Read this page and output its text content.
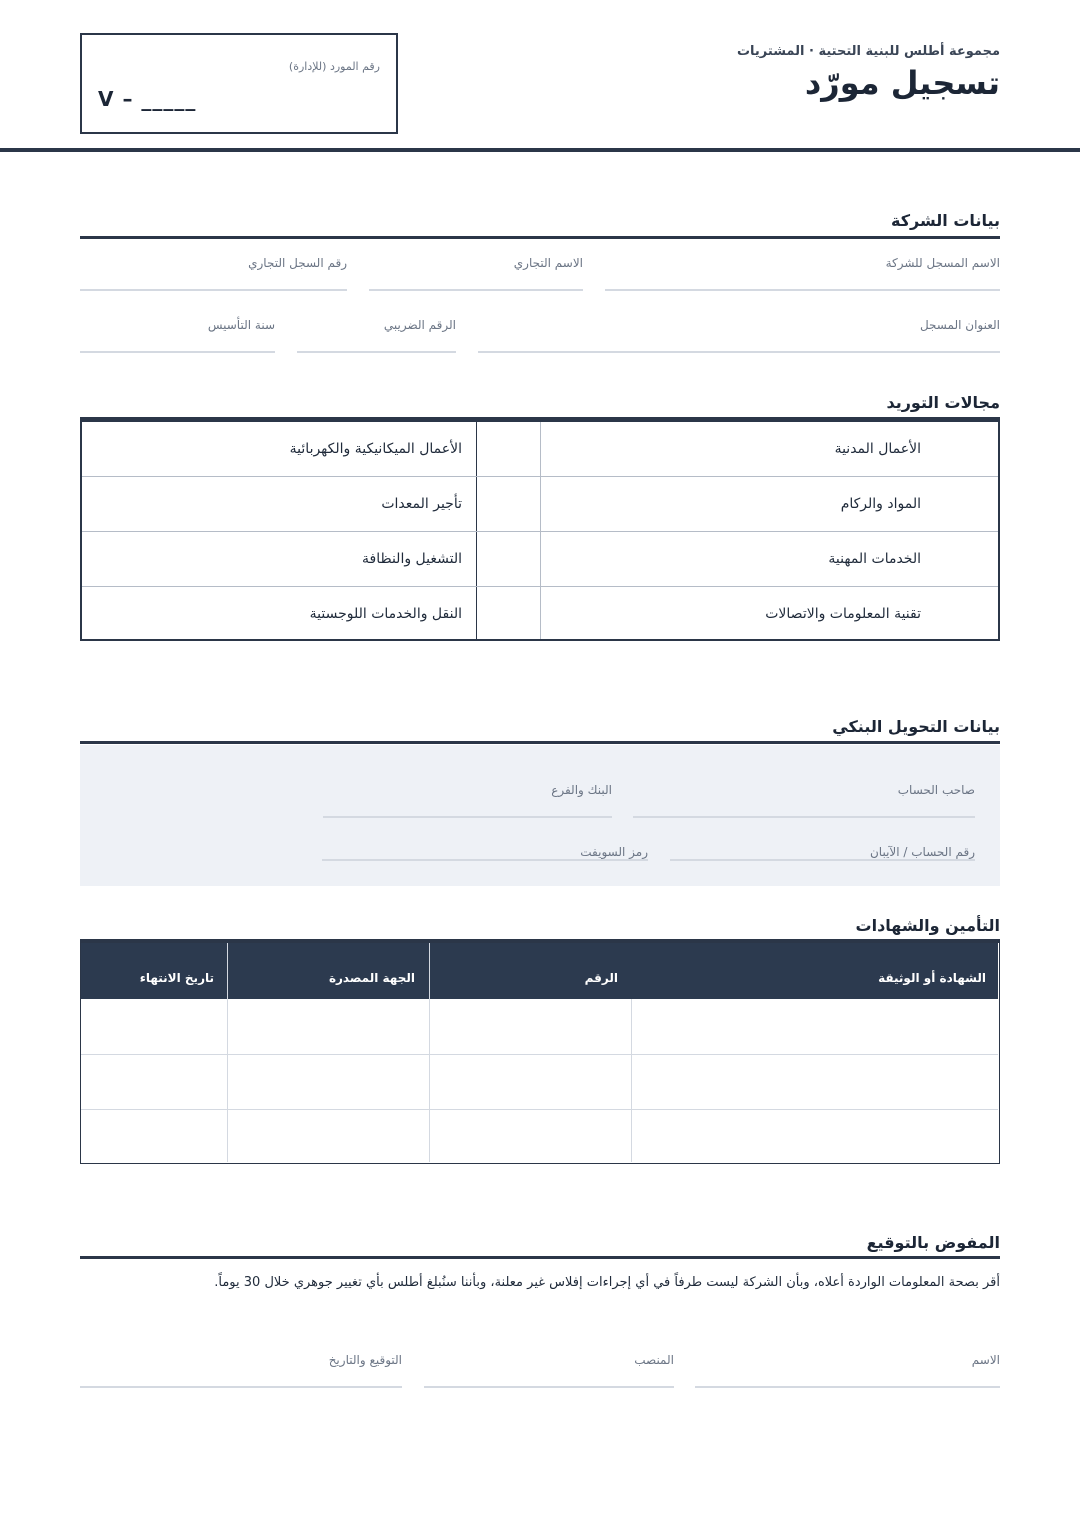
مجموعة أطلس للبنية التحتية · المشتريات
تسجيل مورّد
رقم المورد (للإدارة)
V – _____
بيانات الشركة
الاسم المسجل للشركة
الاسم التجاري
رقم السجل التجاري
العنوان المسجل
الرقم الضريبي
سنة التأسيس
مجالات التوريد
الأعمال المدنية
الأعمال الميكانيكية والكهربائية
المواد والركام
تأجير المعدات
الخدمات المهنية
التشغيل والنظافة
تقنية المعلومات والاتصالات
النقل والخدمات اللوجستية
بيانات التحويل البنكي
صاحب الحساب
البنك والفرع
رقم الحساب / الآيبان
رمز السويفت
التأمين والشهادات
الشهادة أو الوثيقة
الرقم
الجهة المصدرة
تاريخ الانتهاء
المفوض بالتوقيع
أقر بصحة المعلومات الواردة أعلاه، وبأن الشركة ليست طرفاً في أي إجراءات إفلاس غير معلنة، وبأننا سنُبلغ أطلس بأي تغيير جوهري خلال 30 يوماً.
الاسم
المنصب
التوقيع والتاريخ
